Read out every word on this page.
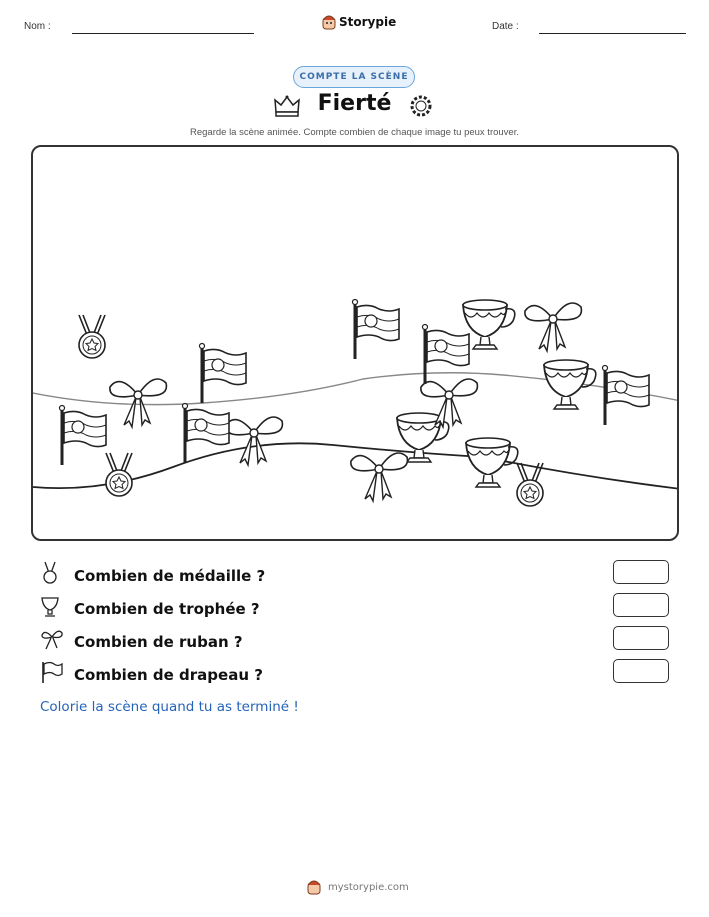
Nom :	Storypie	Date :
COMPTE LA SCÈNE
Fierté
Regarde la scène animée. Compte combien de chaque image tu peux trouver.
Combien de médaille ?
Combien de trophée ?
Combien de ruban ?
Combien de drapeau ?
Colorie la scène quand tu as terminé !
mystorypie.com
